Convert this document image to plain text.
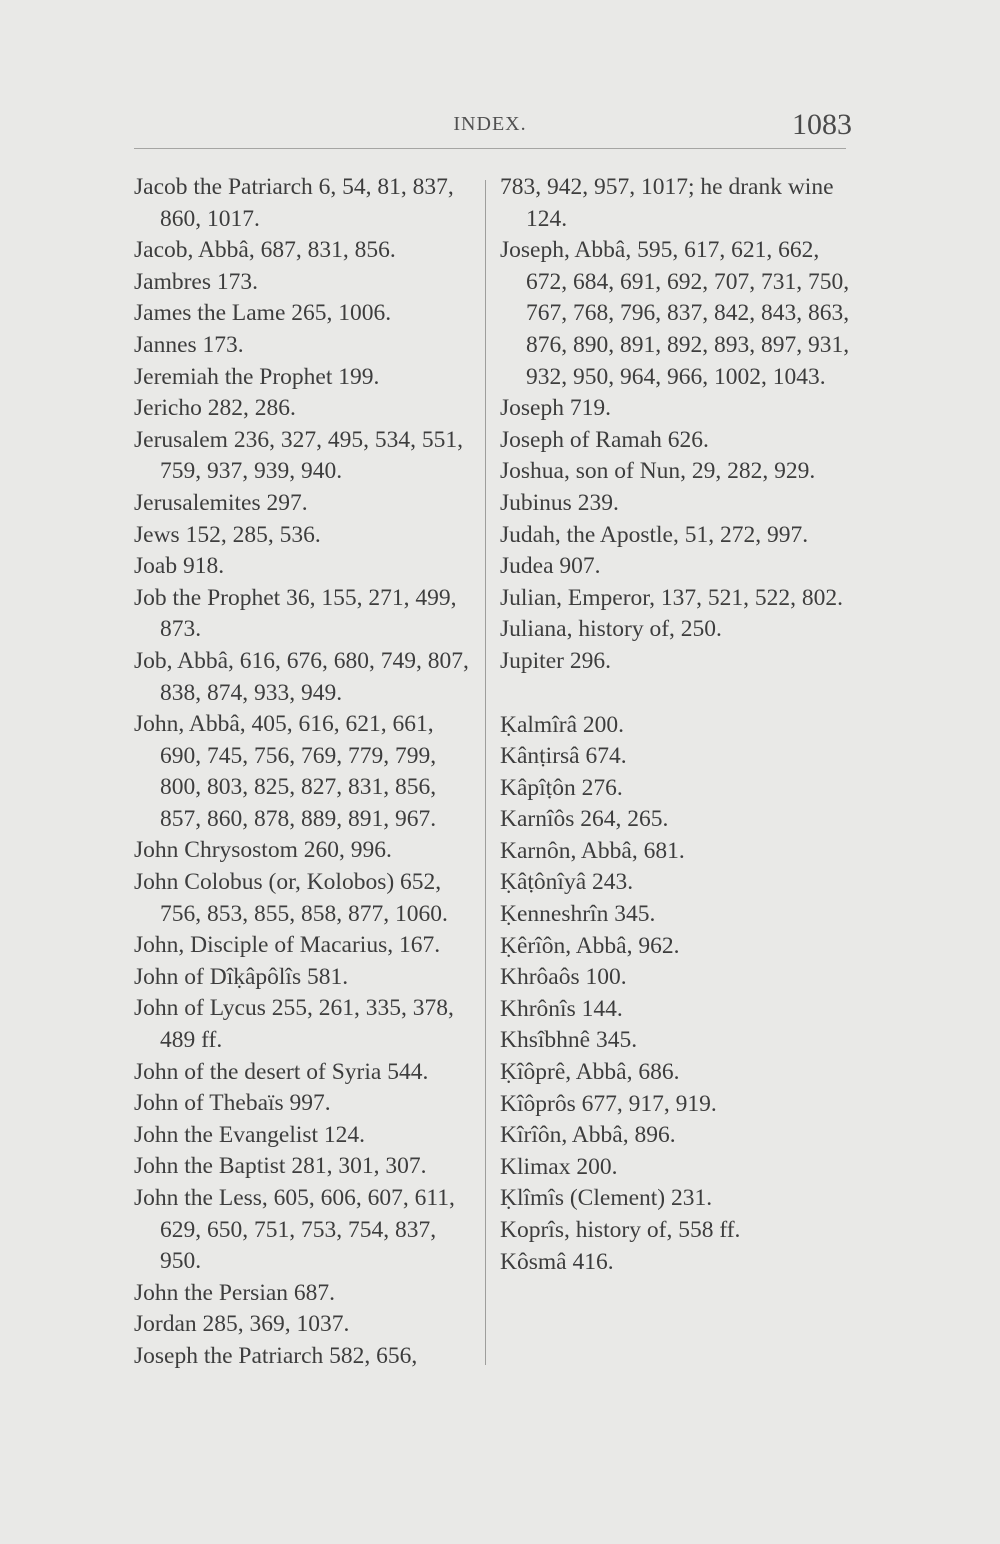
INDEX.	1083
Jacob the Patriarch 6, 54, 81, 837, 860, 1017.
Jacob, Abbâ, 687, 831, 856.
Jambres 173.
James the Lame 265, 1006.
Jannes 173.
Jeremiah the Prophet 199.
Jericho 282, 286.
Jerusalem 236, 327, 495, 534, 551, 759, 937, 939, 940.
Jerusalemites 297.
Jews 152, 285, 536.
Joab 918.
Job the Prophet 36, 155, 271, 499, 873.
Job, Abbâ, 616, 676, 680, 749, 807, 838, 874, 933, 949.
John, Abbâ, 405, 616, 621, 661, 690, 745, 756, 769, 779, 799, 800, 803, 825, 827, 831, 856, 857, 860, 878, 889, 891, 967.
John Chrysostom 260, 996.
John Colobus (or, Kolobos) 652, 756, 853, 855, 858, 877, 1060.
John, Disciple of Macarius, 167.
John of Dîḳâpôlîs 581.
John of Lycus 255, 261, 335, 378, 489 ff.
John of the desert of Syria 544.
John of Thebaïs 997.
John the Evangelist 124.
John the Baptist 281, 301, 307.
John the Less, 605, 606, 607, 611, 629, 650, 751, 753, 754, 837, 950.
John the Persian 687.
Jordan 285, 369, 1037.
Joseph the Patriarch 582, 656,
783, 942, 957, 1017; he drank wine 124.
Joseph, Abbâ, 595, 617, 621, 662, 672, 684, 691, 692, 707, 731, 750, 767, 768, 796, 837, 842, 843, 863, 876, 890, 891, 892, 893, 897, 931, 932, 950, 964, 966, 1002, 1043.
Joseph 719.
Joseph of Ramah 626.
Joshua, son of Nun, 29, 282, 929.
Jubinus 239.
Judah, the Apostle, 51, 272, 997.
Judea 907.
Julian, Emperor, 137, 521, 522, 802.
Juliana, history of, 250.
Jupiter 296.
Ḳalmîrâ 200.
Kânṭirsâ 674.
Kâpîṭôn 276.
Karnîôs 264, 265.
Karnôn, Abbâ, 681.
Ḳâṭônîyâ 243.
Ḳenneshrîn 345.
Ḳêrîôn, Abbâ, 962.
Khrôaôs 100.
Khrônîs 144.
Khsîbhnê 345.
Ḳîôprê, Abbâ, 686.
Kîôprôs 677, 917, 919.
Kîrîôn, Abbâ, 896.
Klimax 200.
Ḳlîmîs (Clement) 231.
Koprîs, history of, 558 ff.
Kôsmâ 416.
